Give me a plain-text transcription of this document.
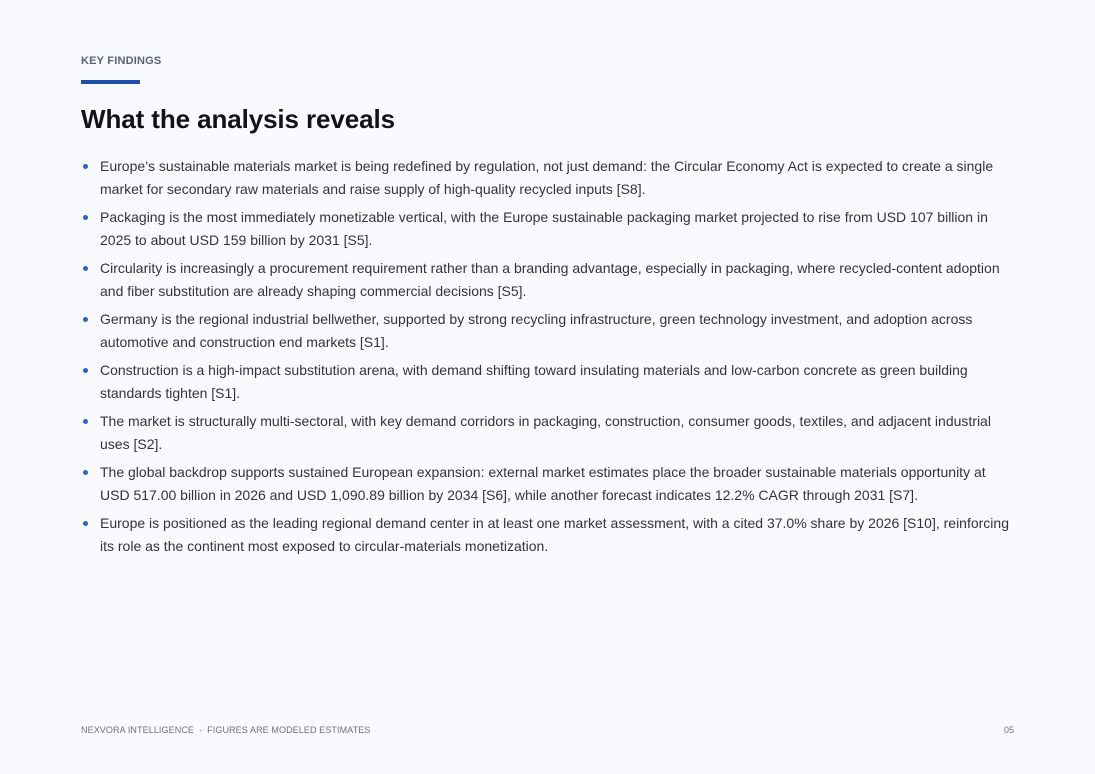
KEY FINDINGS
What the analysis reveals
Europe’s sustainable materials market is being redefined by regulation, not just demand: the Circular Economy Act is expected to create a single market for secondary raw materials and raise supply of high-quality recycled inputs [S8].
Packaging is the most immediately monetizable vertical, with the Europe sustainable packaging market projected to rise from USD 107 billion in 2025 to about USD 159 billion by 2031 [S5].
Circularity is increasingly a procurement requirement rather than a branding advantage, especially in packaging, where recycled-content adoption and fiber substitution are already shaping commercial decisions [S5].
Germany is the regional industrial bellwether, supported by strong recycling infrastructure, green technology investment, and adoption across automotive and construction end markets [S1].
Construction is a high-impact substitution arena, with demand shifting toward insulating materials and low-carbon concrete as green building standards tighten [S1].
The market is structurally multi-sectoral, with key demand corridors in packaging, construction, consumer goods, textiles, and adjacent industrial uses [S2].
The global backdrop supports sustained European expansion: external market estimates place the broader sustainable materials opportunity at USD 517.00 billion in 2026 and USD 1,090.89 billion by 2034 [S6], while another forecast indicates 12.2% CAGR through 2031 [S7].
Europe is positioned as the leading regional demand center in at least one market assessment, with a cited 37.0% share by 2026 [S10], reinforcing its role as the continent most exposed to circular-materials monetization.
NEXVORA INTELLIGENCE · FIGURES ARE MODELED ESTIMATES	05
